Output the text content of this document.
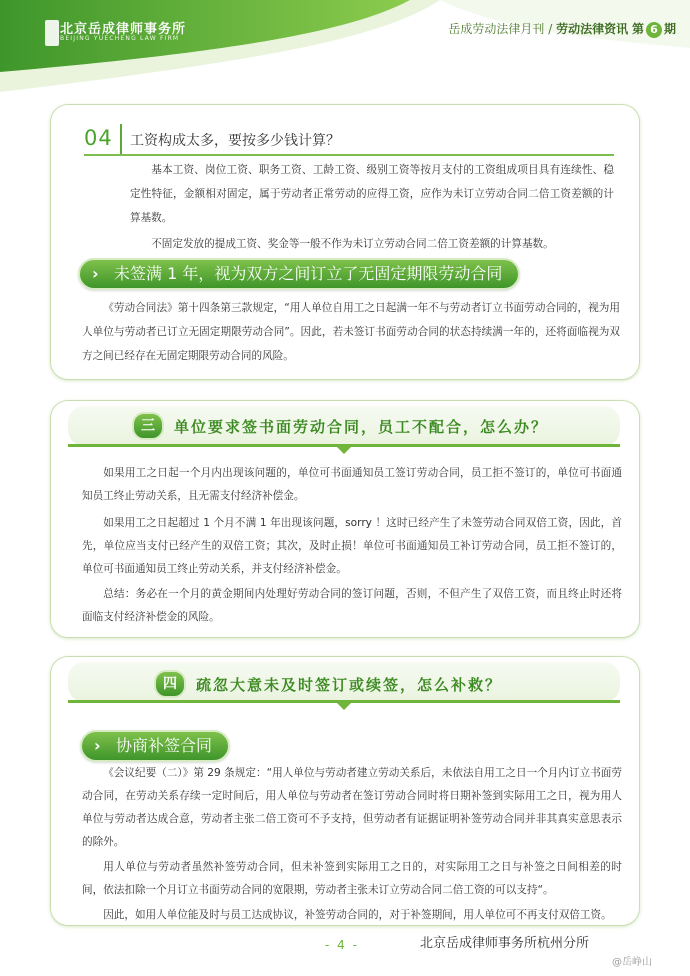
北京岳成律师事务所
BEIJING YUECHENG LAW FIRM
岳成劳动法律月刊 / 劳动法律资讯 第 6 期
04 工资构成太多，要按多少钱计算？

基本工资、岗位工资、职务工资、工龄工资、级别工资等按月支付的工资组成项目具有连续性、稳定性特征，金额相对固定，属于劳动者正常劳动的应得工资，应作为未订立劳动合同二倍工资差额的计算基数。

不固定发放的提成工资、奖金等一般不作为未订立劳动合同二倍工资差额的计算基数。

› 未签满 1 年，视为双方之间订立了无固定期限劳动合同

《劳动合同法》第十四条第三款规定，“用人单位自用工之日起满一年不与劳动者订立书面劳动合同的，视为用人单位与劳动者已订立无固定期限劳动合同”。因此，若未签订书面劳动合同的状态持续满一年的，还将面临视为双方之间已经存在无固定期限劳动合同的风险。

三	单位要求签书面劳动合同，员工不配合，怎么办？

如果用工之日起一个月内出现该问题的，单位可书面通知员工签订劳动合同，员工拒不签订的，单位可书面通知员工终止劳动关系，且无需支付经济补偿金。

如果用工之日起超过 1 个月不满 1 年出现该问题，sorry ！这时已经产生了未签劳动合同双倍工资，因此，首先，单位应当支付已经产生的双倍工资；其次，及时止损！单位可书面通知员工补订劳动合同，员工拒不签订的，单位可书面通知员工终止劳动关系，并支付经济补偿金。

总结：务必在一个月的黄金期间内处理好劳动合同的签订问题，否则，不但产生了双倍工资，而且终止时还将面临支付经济补偿金的风险。

四	疏忽大意未及时签订或续签，怎么补救？
› 协商补签合同

《会议纪要（二）》第 29 条规定：“用人单位与劳动者建立劳动关系后，未依法自用工之日一个月内订立书面劳动合同，在劳动关系存续一定时间后，用人单位与劳动者在签订劳动合同时将日期补签到实际用工之日，视为用人单位与劳动者达成合意，劳动者主张二倍工资可不予支持，但劳动者有证据证明补签劳动合同并非其真实意思表示的除外。

用人单位与劳动者虽然补签劳动合同，但未补签到实际用工之日的，对实际用工之日与补签之日间相差的时间，依法扣除一个月订立书面劳动合同的宽限期，劳动者主张未订立劳动合同二倍工资的可以支持“。

因此，如用人单位能及时与员工达成协议，补签劳动合同的，对于补签期间，用人单位可不再支付双倍工资。

- 4 -	北京岳成律师事务所杭州分所
@岳峥山
